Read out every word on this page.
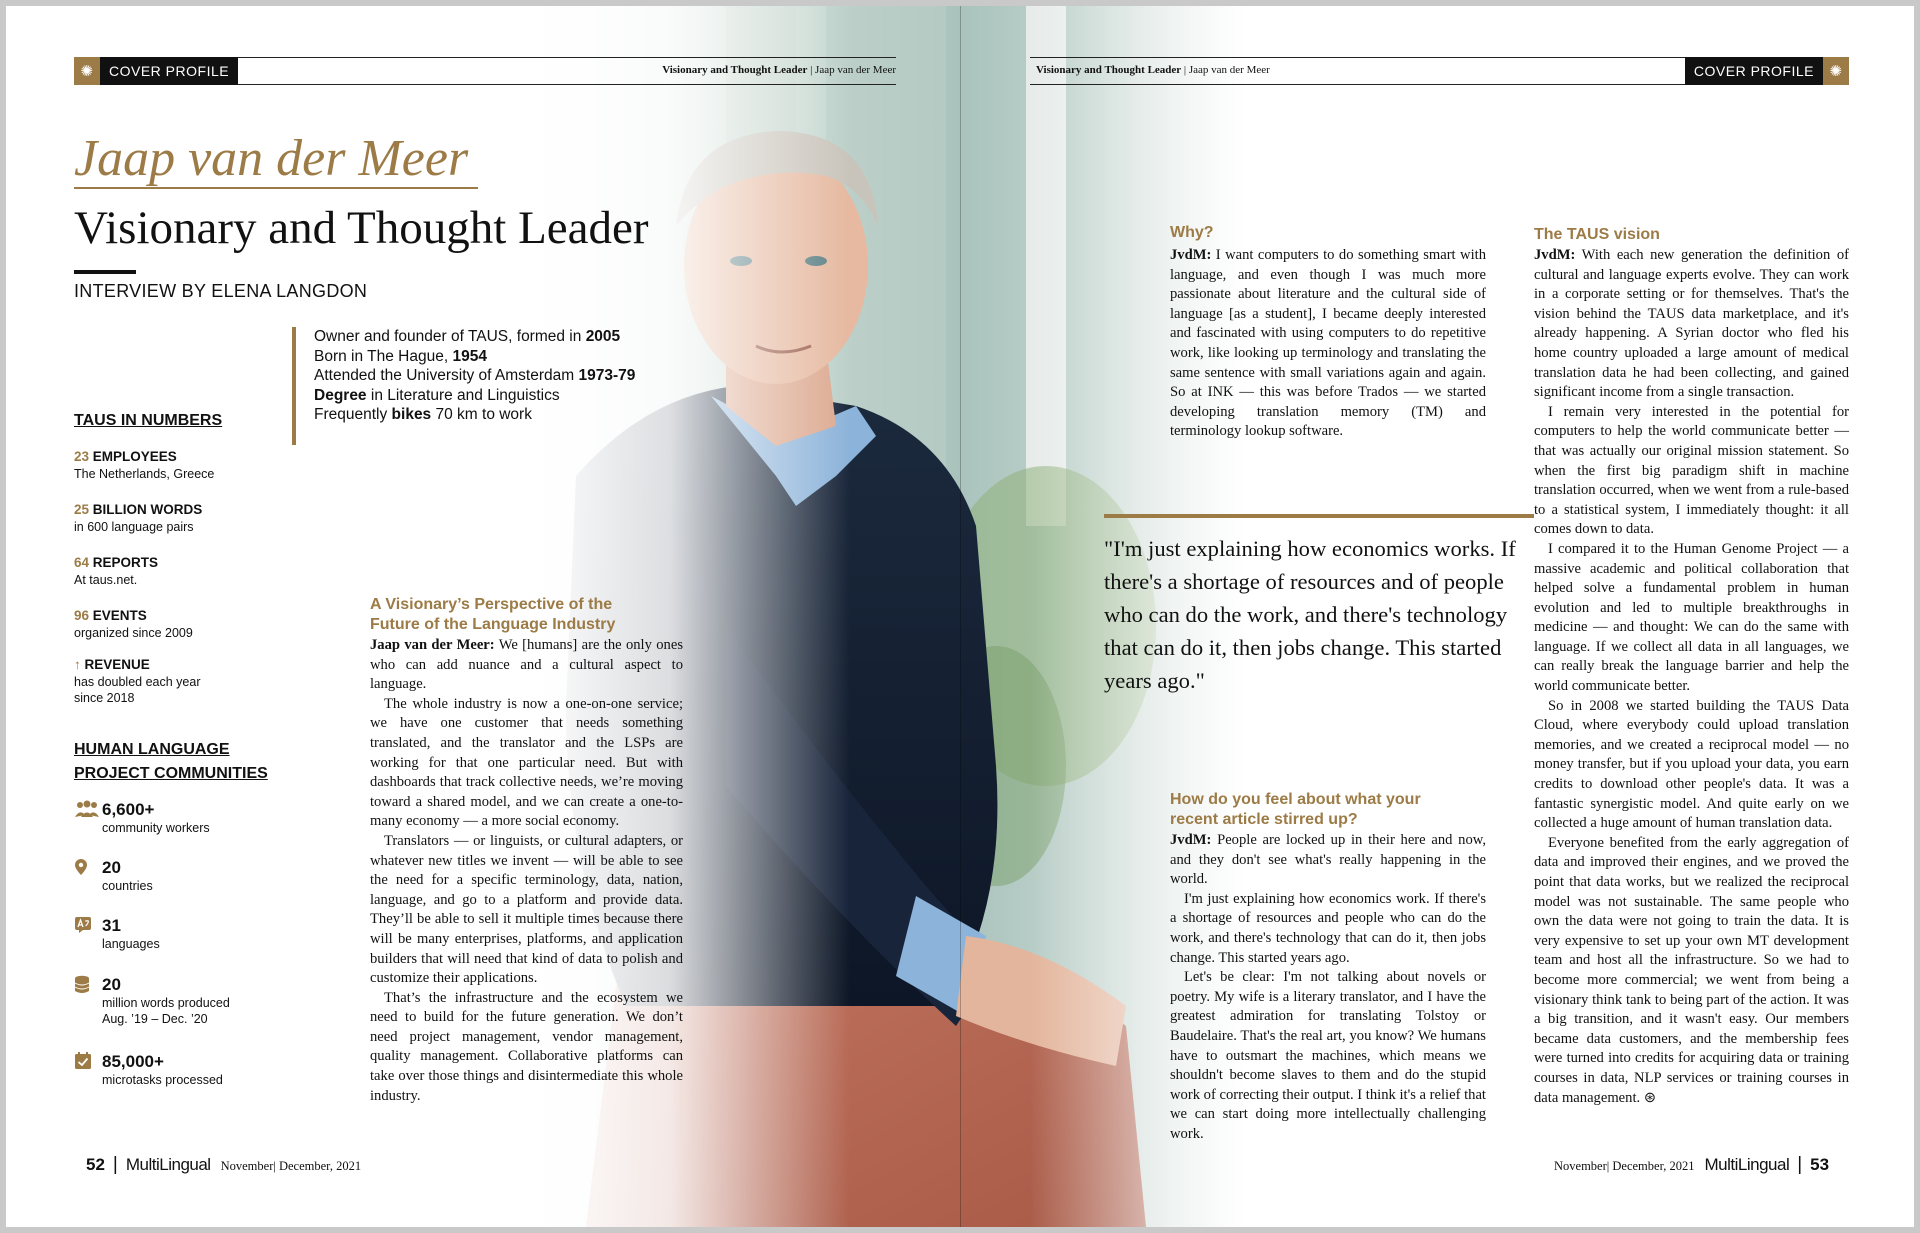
✺	COVER PROFILE	Visionary and Thought Leader | Jaap van der Meer	Visionary and Thought Leader | Jaap van der Meer	COVER PROFILE	✺
Jaap van der Meer
Visionary and Thought Leader
INTERVIEW BY ELENA LANGDON
Owner and founder of TAUS, formed in 2005
Born in The Hague, 1954
Attended the University of Amsterdam 1973-79
Degree in Literature and Linguistics
Frequently bikes 70 km to work
TAUS IN NUMBERS
23 EMPLOYEES
The Netherlands, Greece
25 BILLION WORDS
in 600 language pairs
64 REPORTS
At taus.net.
96 EVENTS
organized since 2009
↑ REVENUE
has doubled each year
since 2018
HUMAN LANGUAGE
PROJECT COMMUNITIES
6,600+
community workers
20
countries
31
languages
20
million words produced
Aug. ’19 – Dec. ’20
85,000+
microtasks processed
A Visionary’s Perspective of the
Future of the Language Industry

Jaap van der Meer: We [humans] are the only ones who can add nuance and a cultural aspect to language.

The whole industry is now a one-on-one service; we have one customer that needs something translated, and the translator and the LSPs are working for that one particular need. But with dashboards that track collective needs, we’re moving toward a shared model, and we can create a one-to-many economy — a more social economy.

Translators — or linguists, or cultural adapters, or whatever new titles we invent — will be able to see the need for a specific terminology, data, nation, language, and go to a platform and provide data. They’ll be able to sell it multiple times because there will be many enterprises, platforms, and application builders that will need that kind of data to polish and customize their applications.

That’s the infrastructure and the ecosystem we need to build for the future generation. We don’t need project management, vendor management, quality management. Collaborative platforms can take over those things and disintermediate this whole industry.

Why?

JvdM: I want computers to do something smart with language, and even though I was much more passionate about literature and the cultural side of language [as a student], I became deeply interested and fascinated with using computers to do repetitive work, like looking up terminology and translating the same sentence with small variations again and again. So at INK — this was before Trados — we started developing translation memory (TM) and terminology lookup software.

"I'm just explaining how economics works. If there's a shortage of resources and of people who can do the work, and there's technology that can do it, then jobs change. This started years ago."
How do you feel about what your
recent article stirred up?

JvdM: People are locked up in their here and now, and they don't see what's really happening in the world.

I'm just explaining how economics work. If there's a shortage of resources and people who can do the work, and there's technology that can do it, then jobs change. This started years ago.

Let's be clear: I'm not talking about novels or poetry. My wife is a literary translator, and I have the greatest admiration for translating Tolstoy or Baudelaire. That's the real art, you know? We humans have to outsmart the machines, which means we shouldn't become slaves to them and do the stupid work of correcting their output. I think it's a relief that we can start doing more intellectually challenging work.

The TAUS vision

JvdM: With each new generation the definition of cultural and language experts evolve. They can work in a corporate setting or for themselves. That's the vision behind the TAUS data marketplace, and it's already happening. A Syrian doctor who fled his home country uploaded a large amount of medical translation data he had been collecting, and gained significant income from a single transaction.

I remain very interested in the potential for computers to help the world communicate better — that was actually our original mission statement. So when the first big paradigm shift in machine translation occurred, when we went from a rule-based to a statistical system, I immediately thought: it all comes down to data.

I compared it to the Human Genome Project — a massive academic and political collaboration that helped solve a fundamental problem in human evolution and led to multiple breakthroughs in medicine — and thought: We can do the same with language. If we collect all data in all languages, we can really break the language barrier and help the world communicate better.

So in 2008 we started building the TAUS Data Cloud, where everybody could upload translation memories, and we created a reciprocal model — no money transfer, but if you upload your data, you earn credits to download other people's data. It was a fantastic synergistic model. And quite early on we collected a huge amount of human translation data.

Everyone benefited from the early aggregation of data and improved their engines, and we proved the point that data works, but we realized the reciprocal model was not sustainable. The same people who own the data were not going to train the data. It is very expensive to set up your own MT development team and host all the infrastructure. So we had to become more commercial; we went from being a visionary think tank to being part of the action. It was a big transition, and it wasn't easy. Our members became data customers, and the membership fees were turned into credits for acquiring data or training courses in data, NLP services or training courses in data management. ⊛

52 | MultiLingual November| December, 2021	November| December, 2021 MultiLingual | 53
